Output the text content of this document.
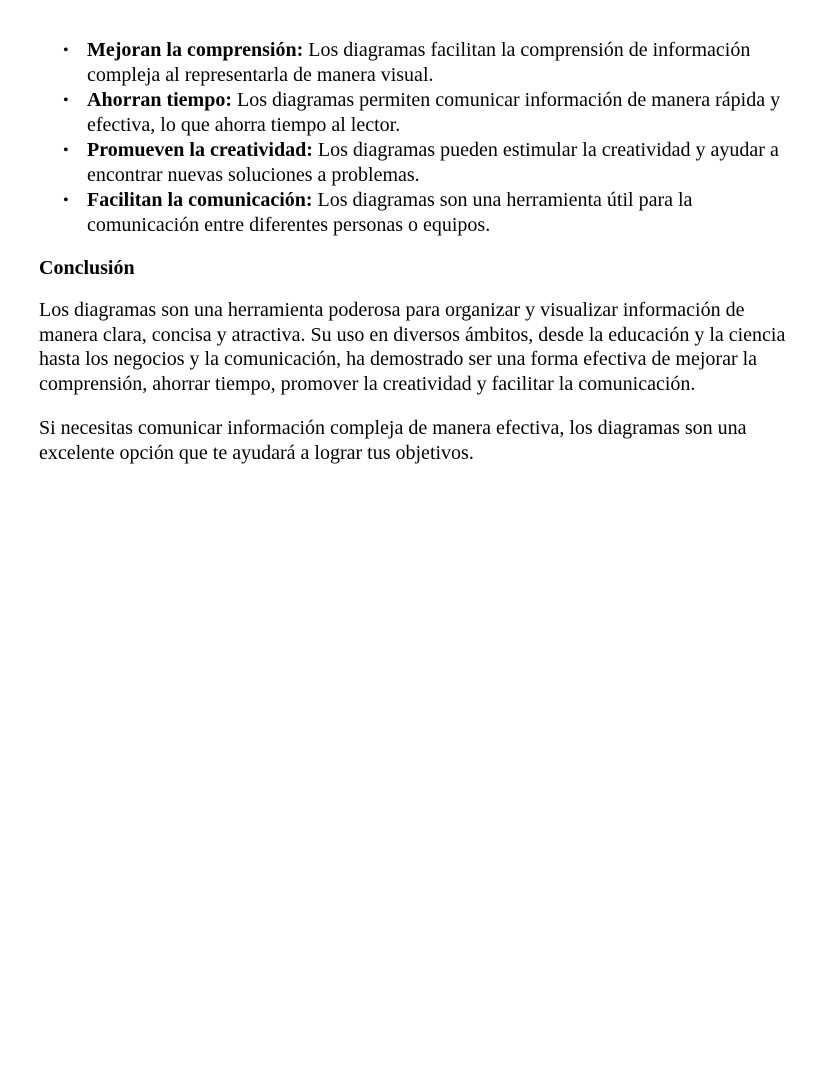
• Mejoran la comprensión: Los diagramas facilitan la comprensión de información compleja al representarla de manera visual.
• Ahorran tiempo: Los diagramas permiten comunicar información de manera rápida y efectiva, lo que ahorra tiempo al lector.
• Promueven la creatividad: Los diagramas pueden estimular la creatividad y ayudar a encontrar nuevas soluciones a problemas.
• Facilitan la comunicación: Los diagramas son una herramienta útil para la comunicación entre diferentes personas o equipos.
Conclusión

Los diagramas son una herramienta poderosa para organizar y visualizar información de manera clara, concisa y atractiva. Su uso en diversos ámbitos, desde la educación y la ciencia hasta los negocios y la comunicación, ha demostrado ser una forma efectiva de mejorar la comprensión, ahorrar tiempo, promover la creatividad y facilitar la comunicación.

Si necesitas comunicar información compleja de manera efectiva, los diagramas son una excelente opción que te ayudará a lograr tus objetivos.
